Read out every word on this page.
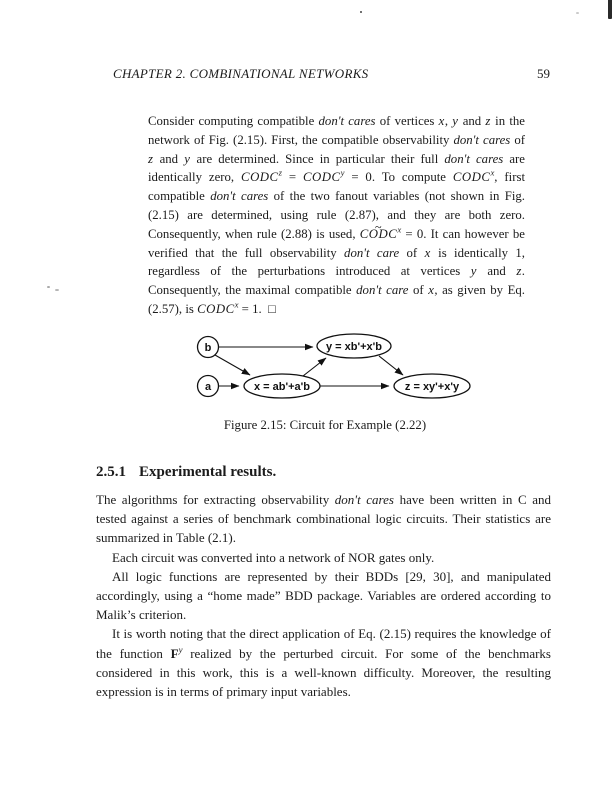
CHAPTER 2. COMBINATIONAL NETWORKS	59
Consider computing compatible don't cares of vertices x, y and z in the network of Fig. (2.15). First, the compatible observability don't cares of z and y are determined. Since in particular their full don't cares are identically zero, $CODC^z$ = $CODC^y = 0$. To compute CODC$^x$, first compatible don't cares of the two fanout variables (not shown in Fig. (2.15) are determined, using rule (2.87), and they are both zero. Consequently, when rule (2.88) is used, C~ $ODC^x = 0$. It can however be verified that the full observability don't care of x is identically 1, regardless of the perturbations introduced at vertices y and z. Consequently, the maximal compatible don't care of x, as given by Eq. (2.57), is $CODC^x = 1$.  □
b
a
y = xb'+x'b
x = ab'+a'b	z = xy'+x'y
Figure 2.15: Circuit for Example (2.22)
2.5.1 Experimental results.

The algorithms for extracting observability don't cares have been written in C and tested against a series of benchmark combinational logic circuits. Their statistics are summarized in Table (2.1).

Each circuit was converted into a network of NOR gates only.

All logic functions are represented by their BDDs [29, 30], and manipulated accordingly, using a “home made” BDD package. Variables are ordered according to Malik’s criterion.

It is worth noting that the direct application of Eq. (2.15) requires the knowledge of the function $F^y$ realized by the perturbed circuit. For some of the benchmarks considered in this work, this is a well-known difficulty. Moreover, the resulting expression is in terms of primary input variables.
